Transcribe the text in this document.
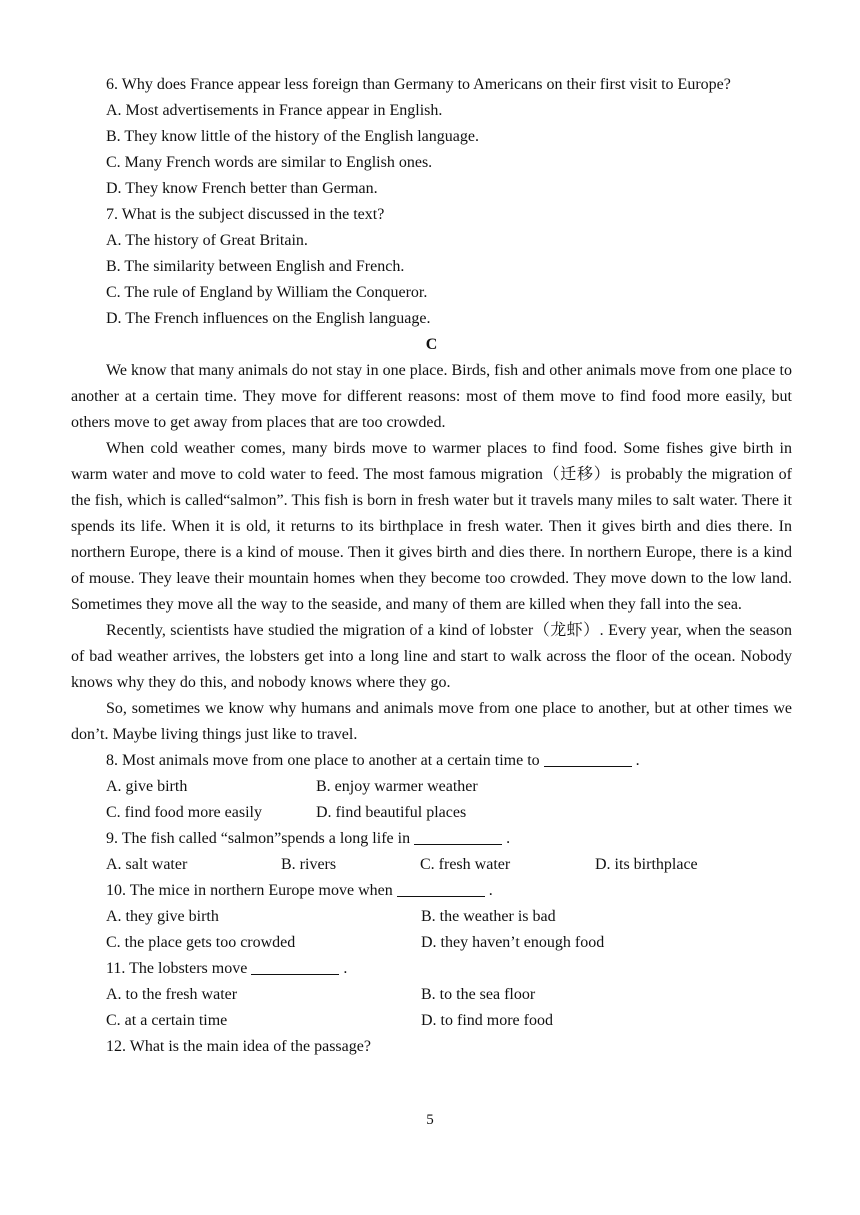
6. Why does France appear less foreign than Germany to Americans on their first visit to Europe?

A. Most advertisements in France appear in English.

B. They know little of the history of the English language.

C. Many French words are similar to English ones.

D. They know French better than German.

7. What is the subject discussed in the text?

A. The history of Great Britain.

B. The similarity between English and French.

C. The rule of England by William the Conqueror.

D. The French influences on the English language.

C

We know that many animals do not stay in one place. Birds, fish and other animals move from one place to another at a certain time. They move for different reasons: most of them move to find food more easily, but others move to get away from places that are too crowded.

When cold weather comes, many birds move to warmer places to find food. Some fishes give birth in warm water and move to cold water to feed. The most famous migration（迁移）is probably the migration of the fish, which is called“salmon”. This fish is born in fresh water but it travels many miles to salt water. There it spends its life. When it is old, it returns to its birthplace in fresh water. Then it gives birth and dies there. In northern Europe, there is a kind of mouse. Then it gives birth and dies there. In northern Europe, there is a kind of mouse. They leave their mountain homes when they become too crowded. They move down to the low land. Sometimes they move all the way to the seaside, and many of them are killed when they fall into the sea.

Recently, scientists have studied the migration of a kind of lobster（龙虾）. Every year, when the season of bad weather arrives, the lobsters get into a long line and start to walk across the floor of the ocean. Nobody knows why they do this, and nobody knows where they go.

So, sometimes we know why humans and animals move from one place to another, but at other times we don’t. Maybe living things just like to travel.

8. Most animals move from one place to another at a certain time to	.

A. give birth	B. enjoy warmer weather
C. find food more easily	D. find beautiful places

9. The fish called “salmon”spends a long life in	.

A. salt water	B. rivers	C. fresh water	D. its birthplace

10. The mice in northern Europe move when	.

A. they give birth	B. the weather is bad
C. the place gets too crowded	D. they haven’t enough food

11. The lobsters move	.

A. to the fresh water	B. to the sea floor
C. at a certain time	D. to find more food

12. What is the main idea of the passage?

5
